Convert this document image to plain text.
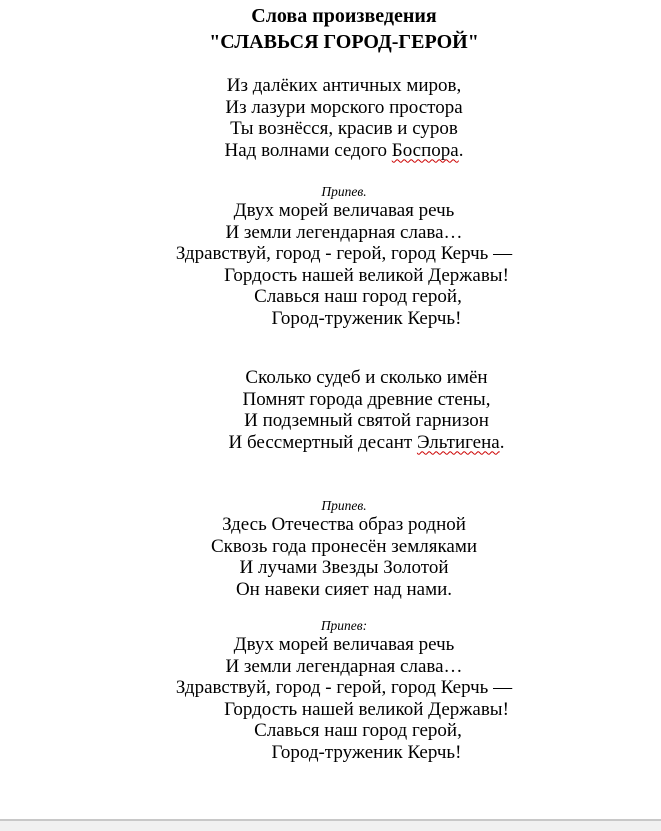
Слова произведения
"СЛАВЬСЯ ГОРОД-ГЕРОЙ"
Из далёких античных миров,
Из лазури морского простора
Ты вознёсся, красив и суров
Над волнами седого Боспора.
Припев.
Двух морей величавая речь
И земли легендарная слава…
Здравствуй, город - герой, город Керчь —
Гордость нашей великой Державы!
Славься наш город герой,
Город-труженик Керчь!
Сколько судеб и сколько имён
Помнят города древние стены,
И подземный святой гарнизон
И бессмертный десант Эльтигена.
Припев.
Здесь Отечества образ родной
Сквозь года пронесён земляками
И лучами Звезды Золотой
Он навеки сияет над нами.
Припев:
Двух морей величавая речь
И земли легендарная слава…
Здравствуй, город - герой, город Керчь —
Гордость нашей великой Державы!
Славься наш город герой,
Город-труженик Керчь!
